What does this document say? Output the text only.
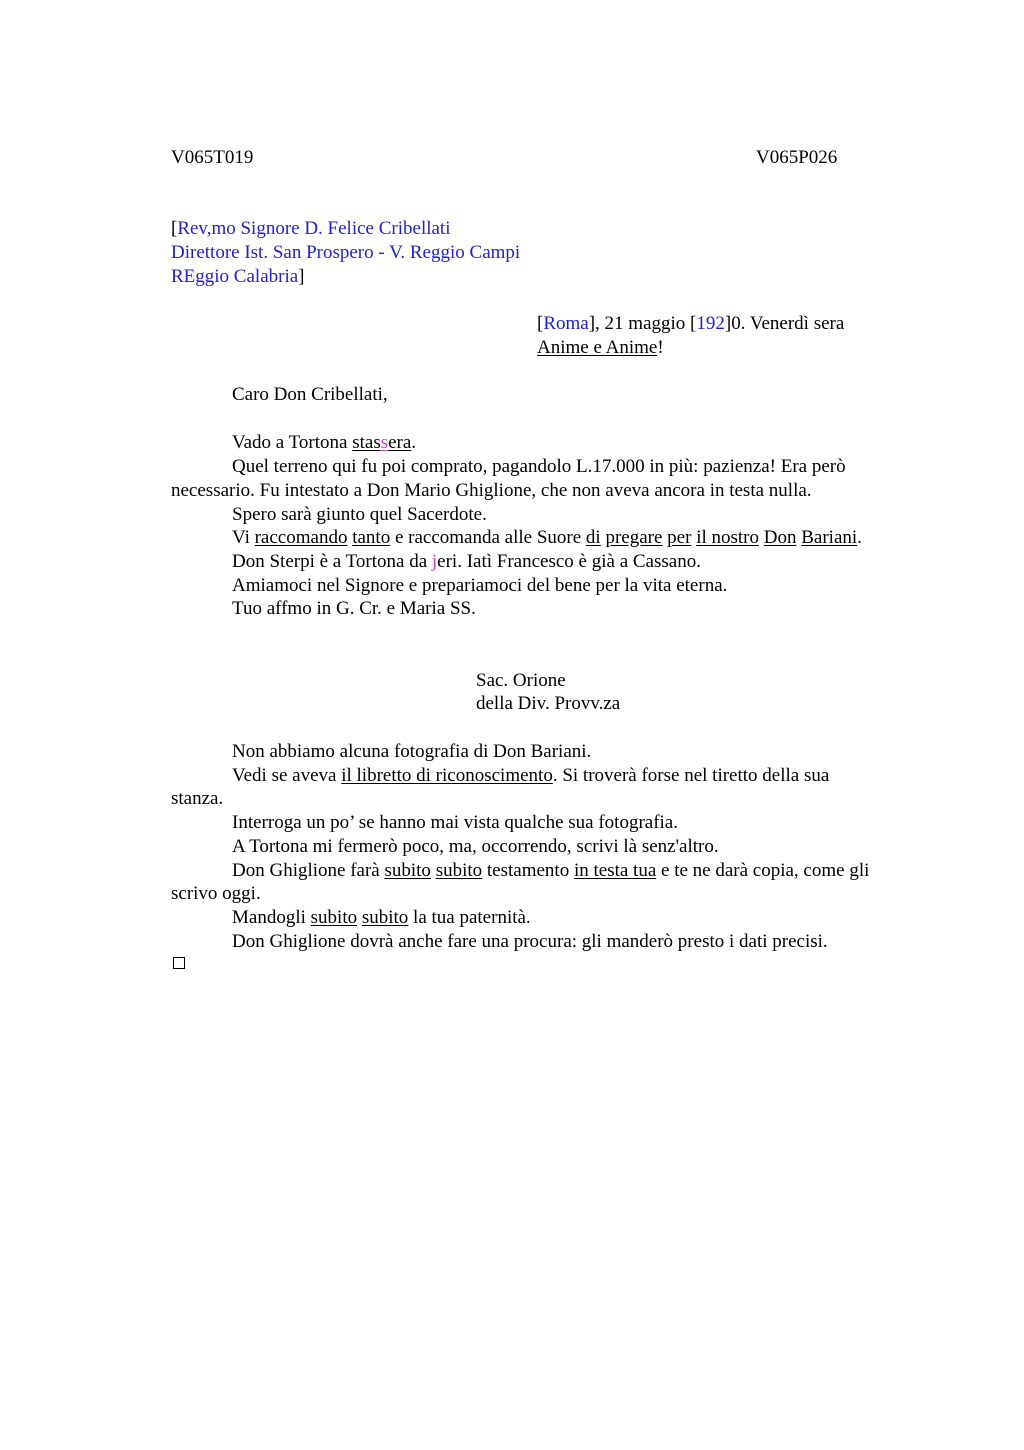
V065T019	V065P026
[Rev,mo Signore D. Felice Cribellati
Direttore Ist. San Prospero - V. Reggio Campi
REggio Calabria]
[Roma], 21 maggio [192]0. Venerdì sera
Anime e Anime!
Caro Don Cribellati,
Vado a Tortona stassera.
Quel terreno qui fu poi comprato, pagandolo L.17.000 in più: pazienza! Era però
necessario. Fu intestato a Don Mario Ghiglione, che non aveva ancora in testa nulla.
Spero sarà giunto quel Sacerdote.
Vi raccomando tanto e raccomanda alle Suore di pregare per il nostro Don Bariani.
Don Sterpi è a Tortona da jeri. Iatì Francesco è già a Cassano.
Amiamoci nel Signore e prepariamoci del bene per la vita eterna.
Tuo affmo in G. Cr. e Maria SS.
Sac. Orione
della Div. Provv.za
Non abbiamo alcuna fotografia di Don Bariani.
Vedi se aveva il libretto di riconoscimento. Si troverà forse nel tiretto della sua
stanza.
Interroga un po’ se hanno mai vista qualche sua fotografia.
A Tortona mi fermerò poco, ma, occorrendo, scrivi là senz'altro.
Don Ghiglione farà subito subito testamento in testa tua e te ne darà copia, come gli
scrivo oggi.
Mandogli subito subito la tua paternità.
Don Ghiglione dovrà anche fare una procura: gli manderò presto i dati precisi.
